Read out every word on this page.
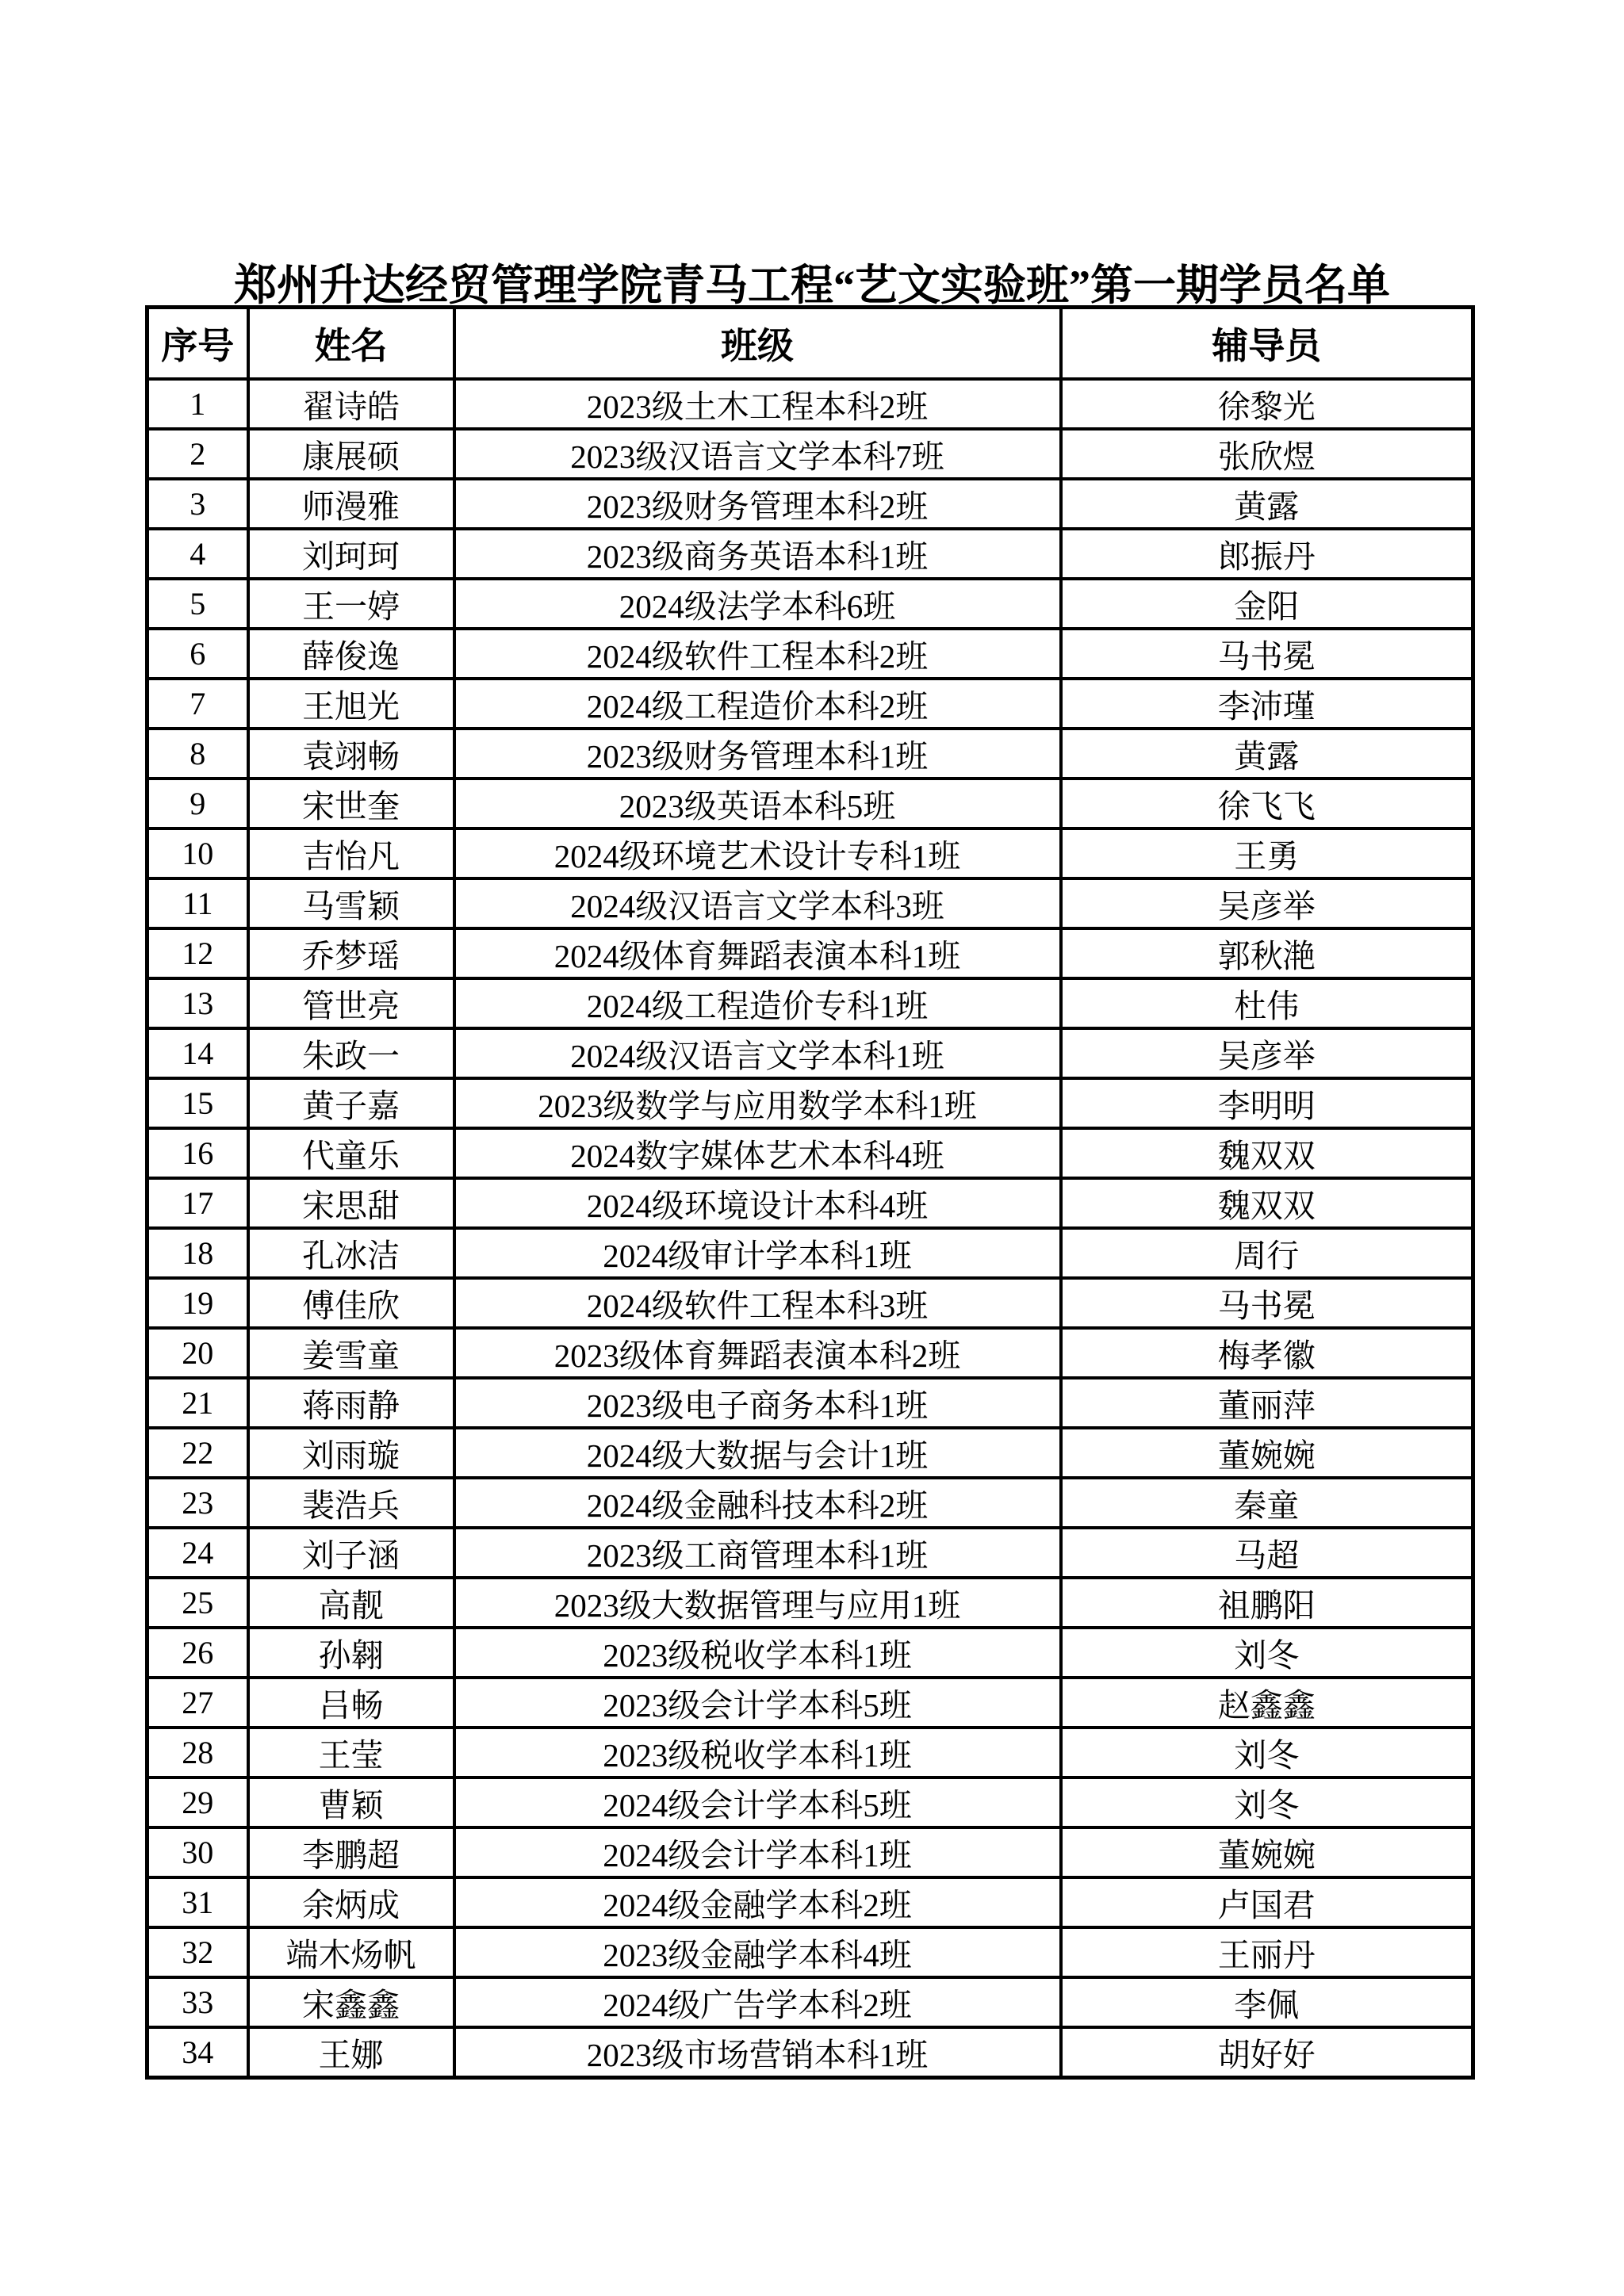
郑州升达经贸管理学院青马工程“艺文实验班”第一期学员名单
序号	姓名	班级	辅导员
1	翟诗皓	2023级土木工程本科2班	徐黎光
2	康展硕	2023级汉语言文学本科7班	张欣煜
3	师漫雅	2023级财务管理本科2班	黄露
4	刘珂珂	2023级商务英语本科1班	郎振丹
5	王一婷	2024级法学本科6班	金阳
6	薛俊逸	2024级软件工程本科2班	马书冕
7	王旭光	2024级工程造价本科2班	李沛瑾
8	袁翊畅	2023级财务管理本科1班	黄露
9	宋世奎	2023级英语本科5班	徐飞飞
10	吉怡凡	2024级环境艺术设计专科1班	王勇
11	马雪颖	2024级汉语言文学本科3班	吴彦举
12	乔梦瑶	2024级体育舞蹈表演本科1班	郭秋滟
13	管世亮	2024级工程造价专科1班	杜伟
14	朱政一	2024级汉语言文学本科1班	吴彦举
15	黄子嘉	2023级数学与应用数学本科1班	李明明
16	代童乐	2024数字媒体艺术本科4班	魏双双
17	宋思甜	2024级环境设计本科4班	魏双双
18	孔冰洁	2024级审计学本科1班	周行
19	傅佳欣	2024级软件工程本科3班	马书冕
20	姜雪童	2023级体育舞蹈表演本科2班	梅孝徽
21	蒋雨静	2023级电子商务本科1班	董丽萍
22	刘雨璇	2024级大数据与会计1班	董婉婉
23	裴浩兵	2024级金融科技本科2班	秦童
24	刘子涵	2023级工商管理本科1班	马超
25	高靓	2023级大数据管理与应用1班	祖鹏阳
26	孙翱	2023级税收学本科1班	刘冬
27	吕畅	2023级会计学本科5班	赵鑫鑫
28	王莹	2023级税收学本科1班	刘冬
29	曹颖	2024级会计学本科5班	刘冬
30	李鹏超	2024级会计学本科1班	董婉婉
31	余炳成	2024级金融学本科2班	卢国君
32	端木炀帆	2023级金融学本科4班	王丽丹
33	宋鑫鑫	2024级广告学本科2班	李佩
34	王娜	2023级市场营销本科1班	胡好好
